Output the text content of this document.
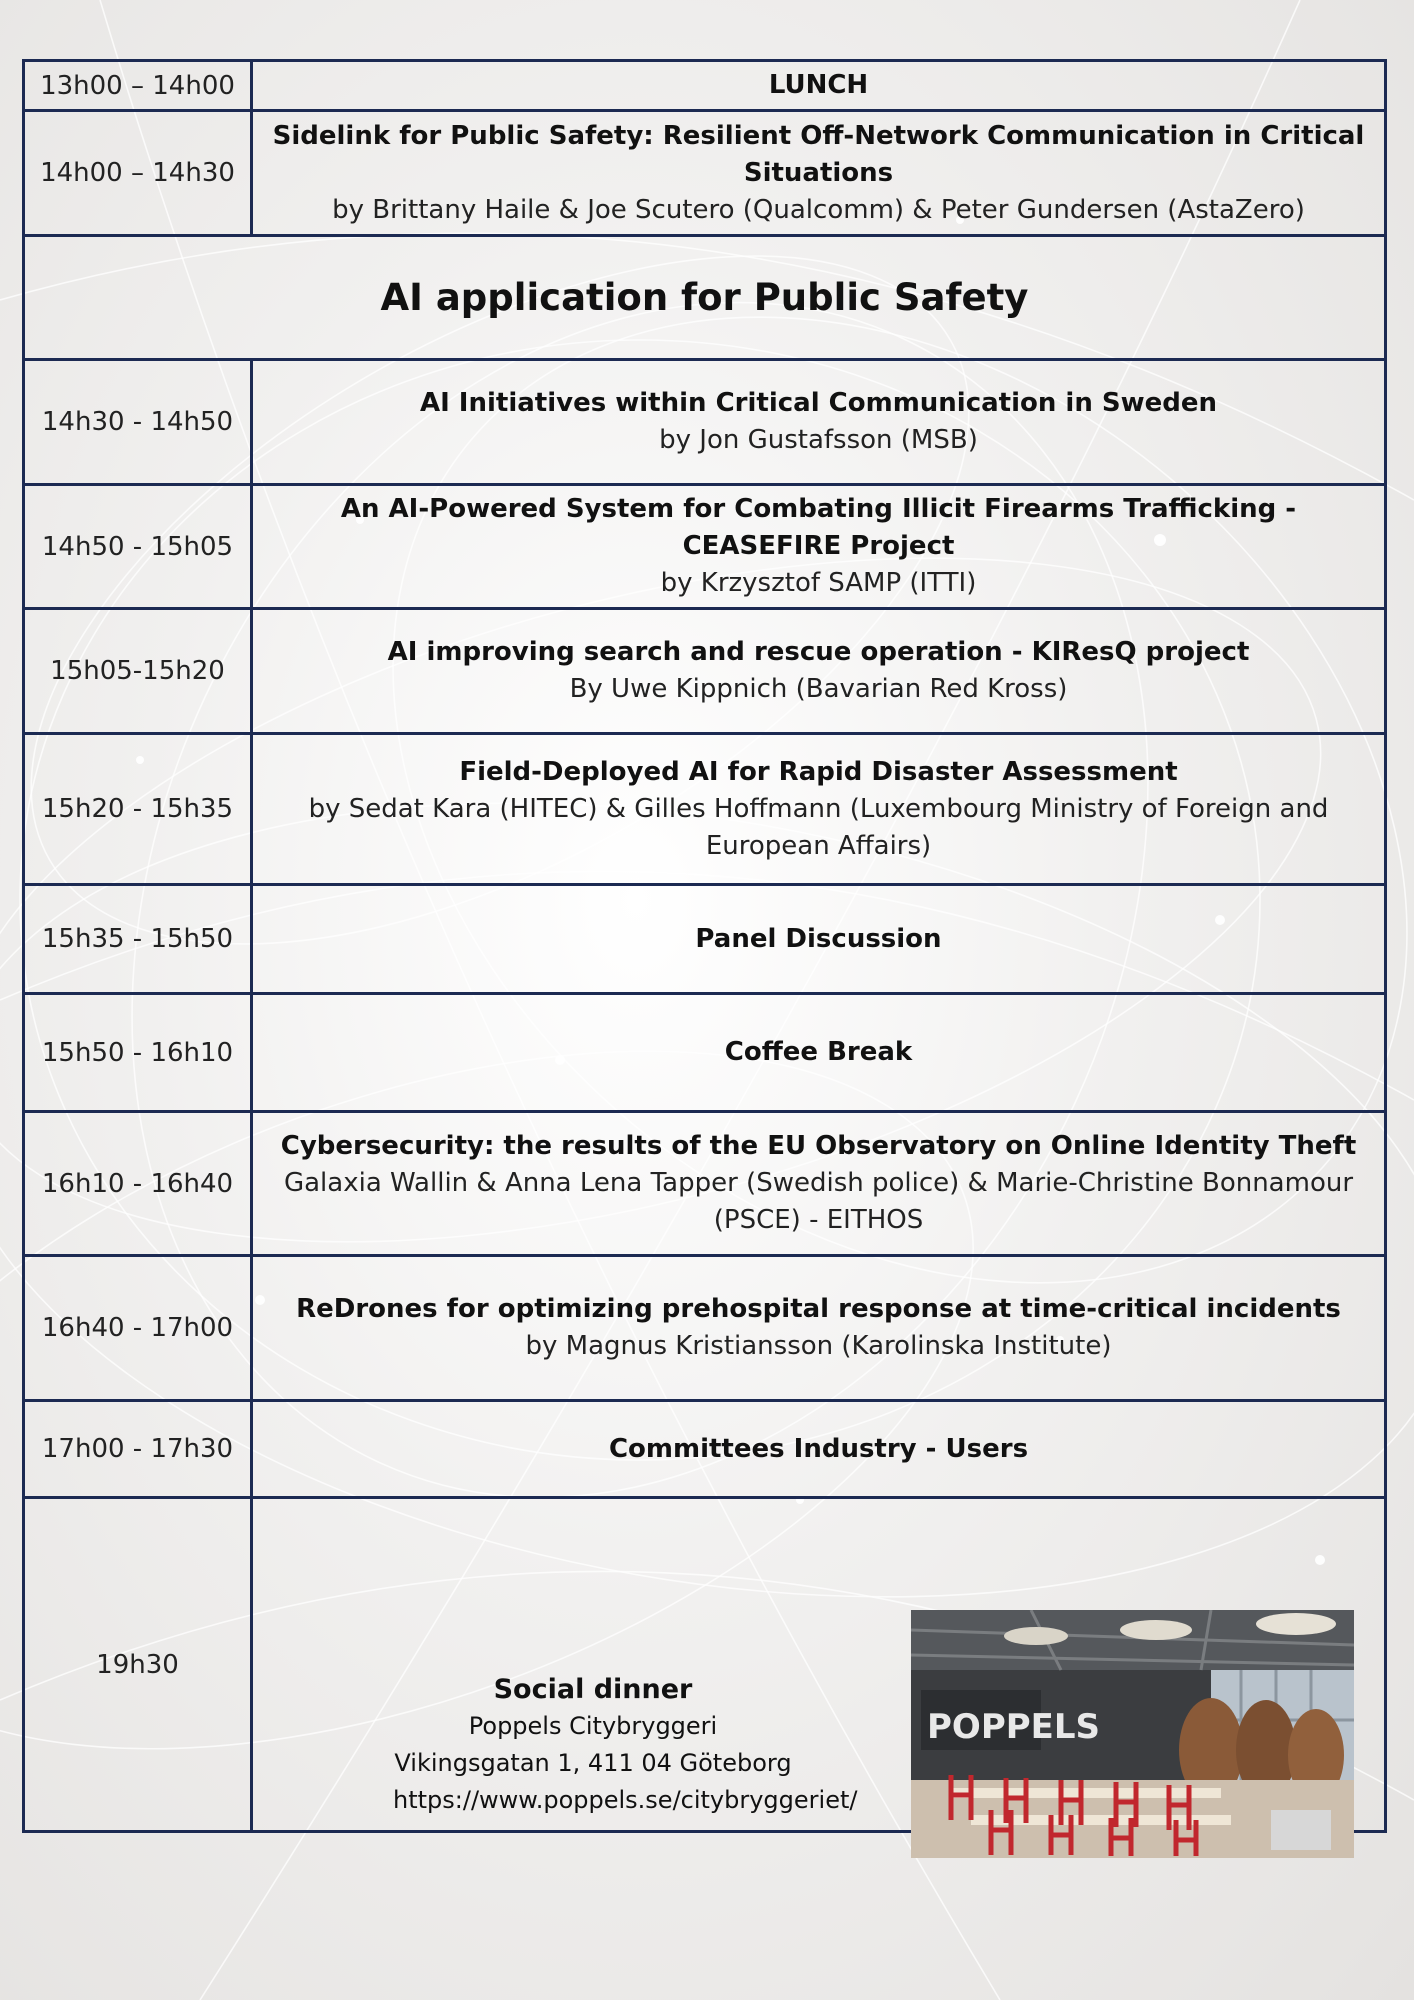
13h00 – 14h00	LUNCH

14h00 – 14h30	Sidelink for Public Safety: Resilient Off-Network Communication in Critical Situations
by Brittany Haile & Joe Scutero (Qualcomm) & Peter Gundersen (AstaZero)

AI application for Public Safety	
14h30 - 14h50	AI Initiatives within Critical Communication in Sweden
by Jon Gustafsson (MSB)

14h50 - 15h05	An AI-Powered System for Combating Illicit Firearms Trafficking - CEASEFIRE Project
by Krzysztof SAMP (ITTI)

15h05-15h20	AI improving search and rescue operation - KIResQ project
By Uwe Kippnich (Bavarian Red Kross)

15h20 - 15h35	Field-Deployed AI for Rapid Disaster Assessment
by Sedat Kara (HITEC) & Gilles Hoffmann (Luxembourg Ministry of Foreign and European Affairs)

15h35 - 15h50	Panel Discussion

15h50 - 16h10	Coffee Break

16h10 - 16h40	Cybersecurity: the results of the EU Observatory on Online Identity Theft
Galaxia Wallin & Anna Lena Tapper (Swedish police) & Marie-Christine Bonnamour (PSCE) - EITHOS

16h40 - 17h00	ReDrones for optimizing prehospital response at time-critical incidents
by Magnus Kristiansson (Karolinska Institute)

17h00 - 17h30	Committees Industry - Users

19h30	Social dinner
Poppels Citybryggeri
Vikingsgatan 1, 411 04 Göteborg
https://www.poppels.se/citybryggeriet/
POPPELS
